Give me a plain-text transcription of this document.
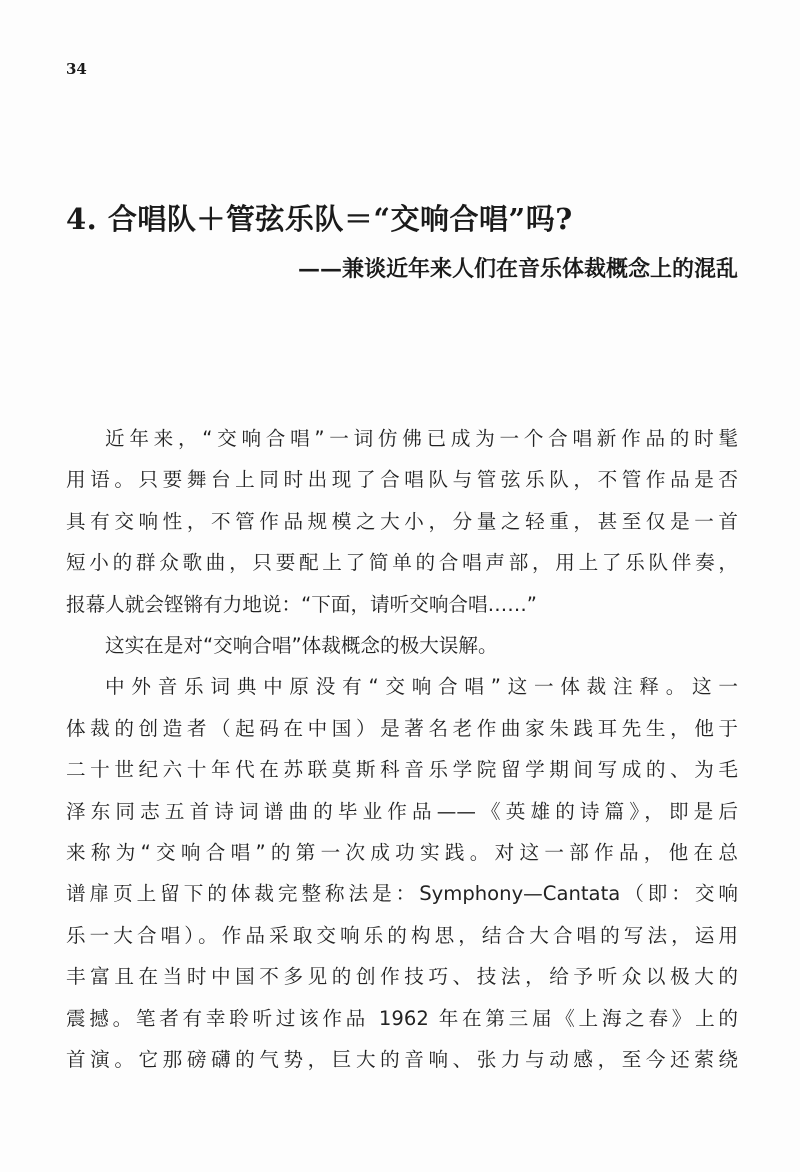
34
4. 合唱队＋管弦乐队＝“交响合唱”吗?
——兼谈近年来人们在音乐体裁概念上的混乱
近年来，“交响合唱”一词仿佛已成为一个合唱新作品的时髦
用语。只要舞台上同时出现了合唱队与管弦乐队，不管作品是否
具有交响性，不管作品规模之大小，分量之轻重，甚至仅是一首
短小的群众歌曲，只要配上了简单的合唱声部，用上了乐队伴奏，
报幕人就会铿锵有力地说：“下面，请听交响合唱……”
这实在是对“交响合唱”体裁概念的极大误解。
中外音乐词典中原没有“交响合唱”这一体裁注释。这一
体裁的创造者（起码在中国）是著名老作曲家朱践耳先生，他于
二十世纪六十年代在苏联莫斯科音乐学院留学期间写成的、为毛
泽东同志五首诗词谱曲的毕业作品——《英雄的诗篇》，即是后
来称为“交响合唱”的第一次成功实践。对这一部作品，他在总
谱扉页上留下的体裁完整称法是：Symphony—Cantata（即：交响
乐一大合唱）。作品采取交响乐的构思，结合大合唱的写法，运用
丰富且在当时中国不多见的创作技巧、技法，给予听众以极大的
震撼。笔者有幸聆听过该作品 1962 年在第三届《上海之春》上的
首演。它那磅礴的气势，巨大的音响、张力与动感，至今还萦绕
